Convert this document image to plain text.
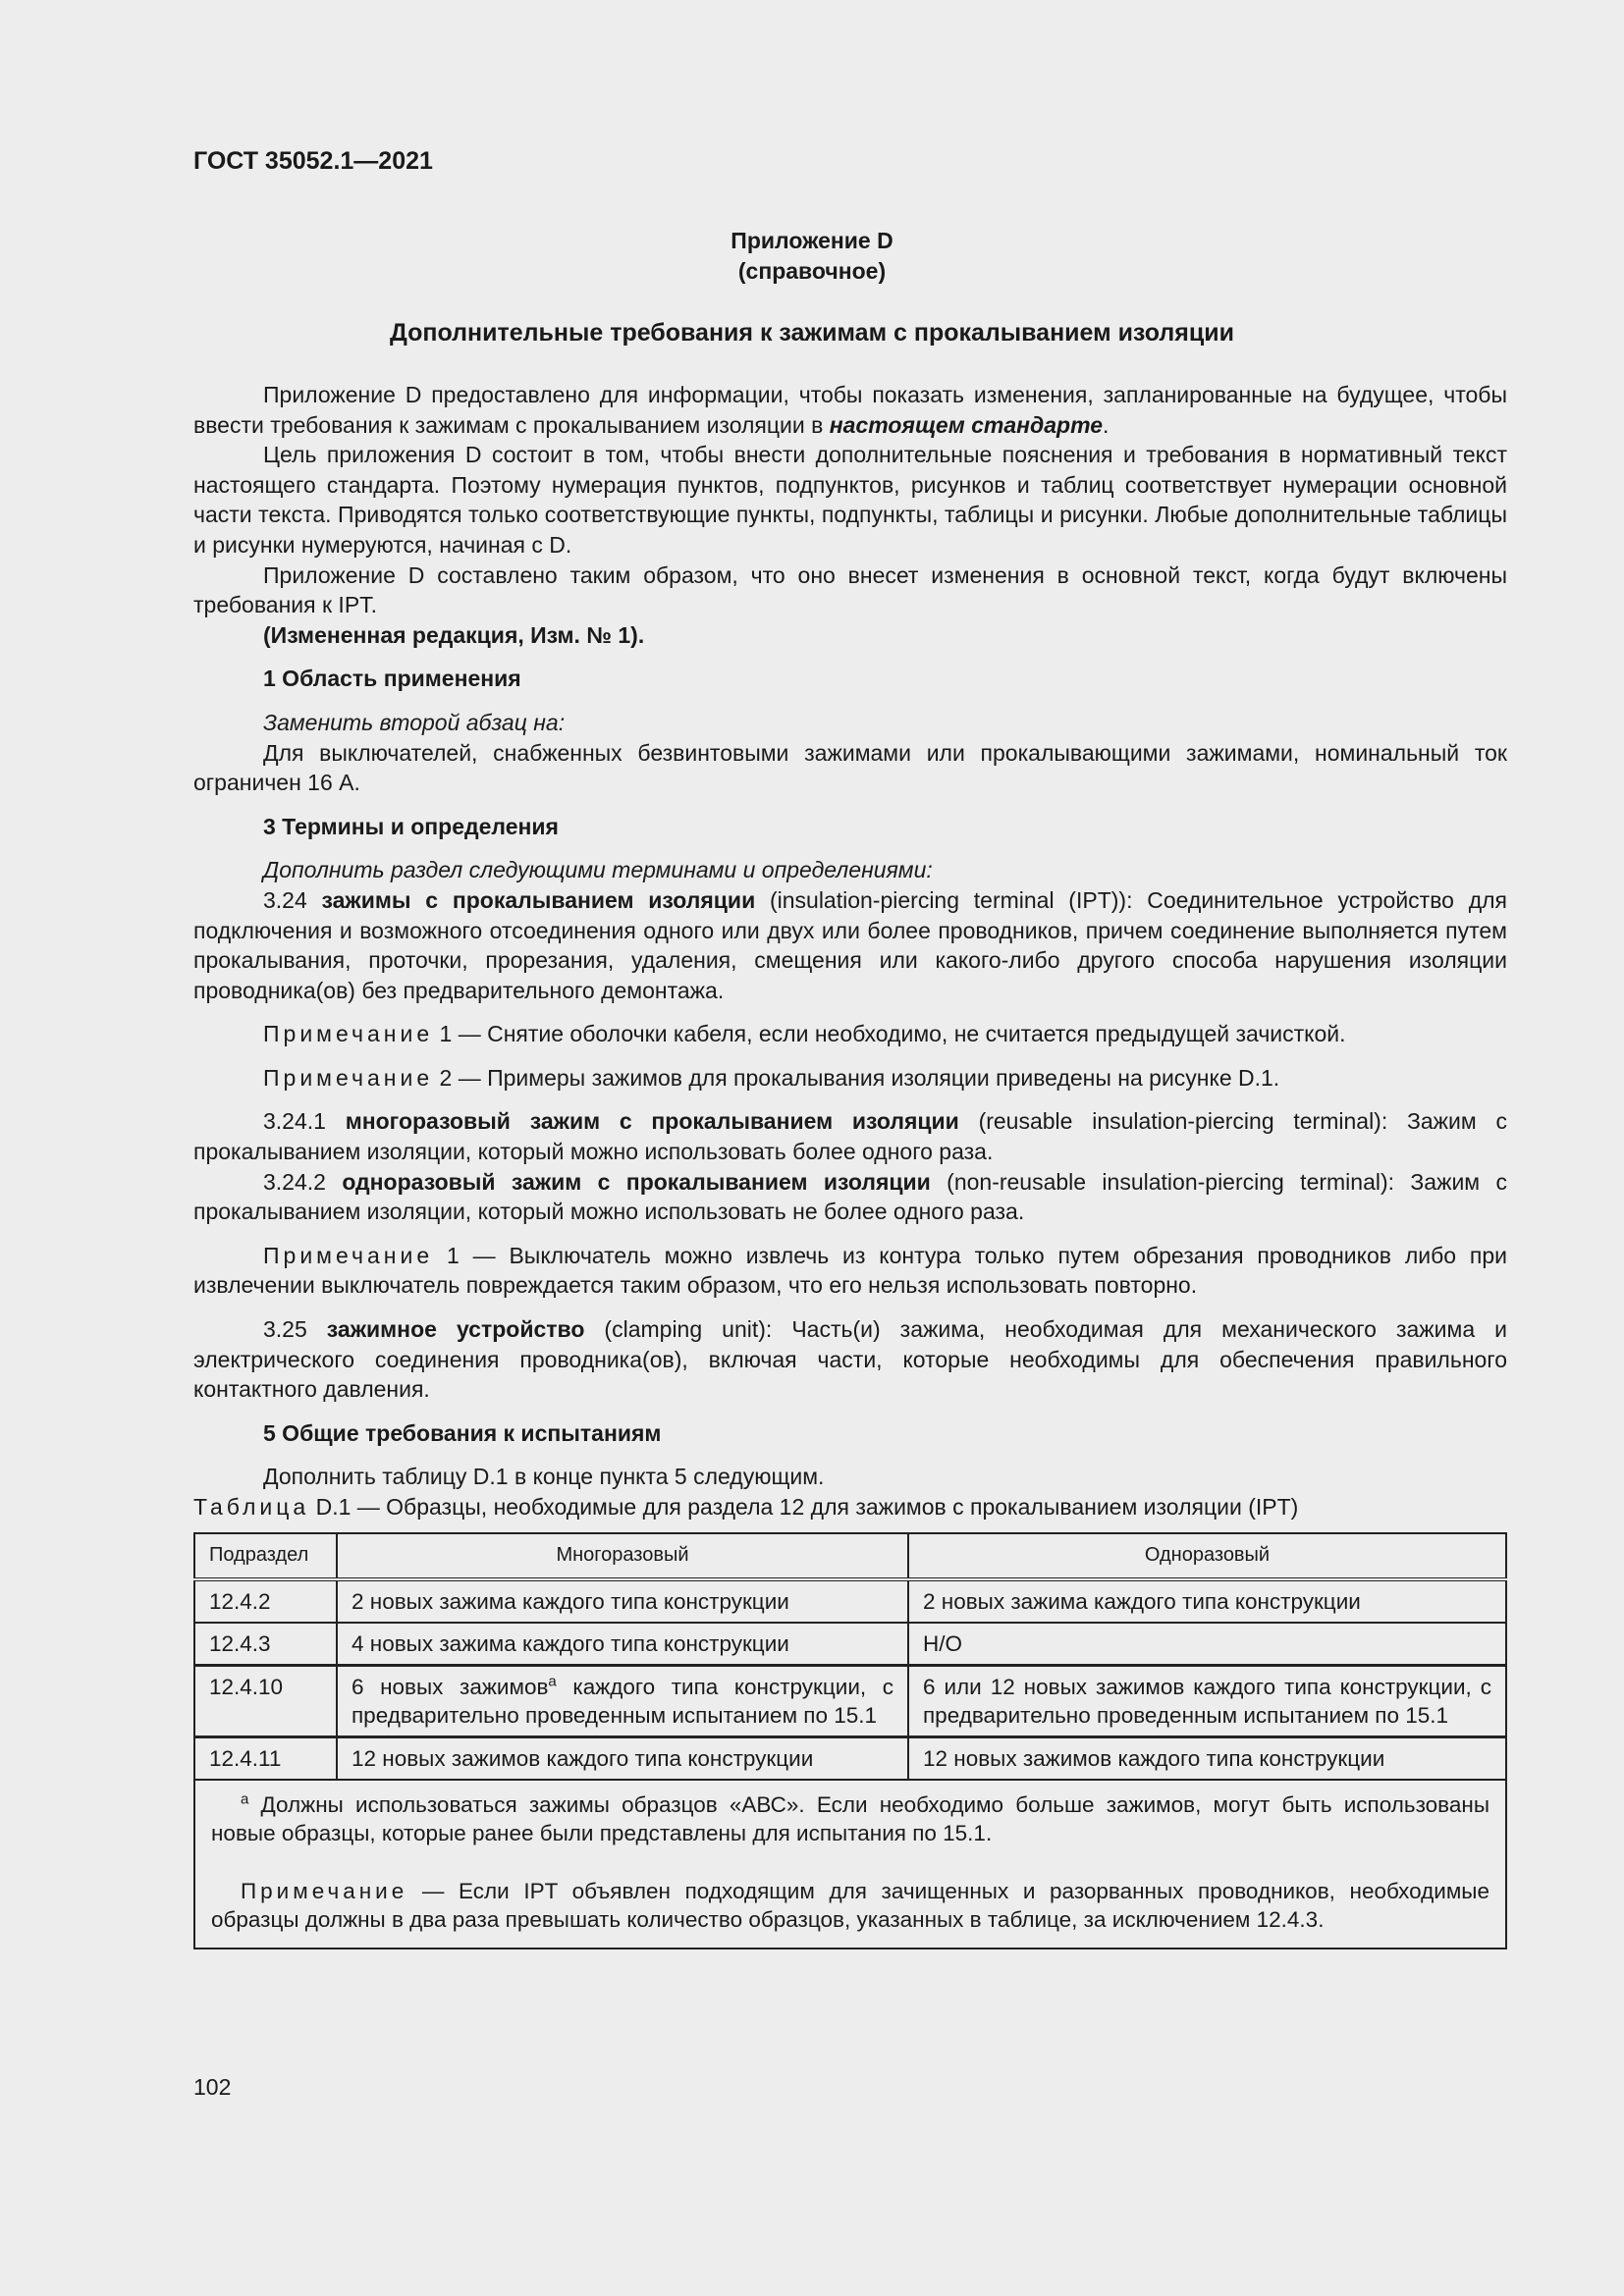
ГОСТ 35052.1—2021
Приложение D
(справочное)
Дополнительные требования к зажимам с прокалыванием изоляции

Приложение D предоставлено для информации, чтобы показать изменения, запланированные на будущее, чтобы ввести требования к зажимам с прокалыванием изоляции в настоящем стандарте.

Цель приложения D состоит в том, чтобы внести дополнительные пояснения и требования в нормативный текст настоящего стандарта. Поэтому нумерация пунктов, подпунктов, рисунков и таблиц соответствует нумерации основной части текста. Приводятся только соответствующие пункты, подпункты, таблицы и рисунки. Любые дополнительные таблицы и рисунки нумеруются, начиная с D.

Приложение D составлено таким образом, что оно внесет изменения в основной текст, когда будут включены требования к IPT.

(Измененная редакция, Изм. № 1).

1 Область применения

Заменить второй абзац на:

Для выключателей, снабженных безвинтовыми зажимами или прокалывающими зажимами, номинальный ток ограничен 16 А.

3 Термины и определения

Дополнить раздел следующими терминами и определениями:

3.24 зажимы с прокалыванием изоляции (insulation-piercing terminal (IPT)): Соединительное устройство для подключения и возможного отсоединения одного или двух или более проводников, причем соединение выполняется путем прокалывания, проточки, прорезания, удаления, смещения или какого-либо другого способа нарушения изоляции проводника(ов) без предварительного демонтажа.

Примечание 1 — Снятие оболочки кабеля, если необходимо, не считается предыдущей зачисткой.

Примечание 2 — Примеры зажимов для прокалывания изоляции приведены на рисунке D.1.

3.24.1 многоразовый зажим с прокалыванием изоляции (reusable insulation-piercing terminal): Зажим с прокалыванием изоляции, который можно использовать более одного раза.

3.24.2 одноразовый зажим с прокалыванием изоляции (non-reusable insulation-piercing terminal): Зажим с прокалыванием изоляции, который можно использовать не более одного раза.

Примечание 1 — Выключатель можно извлечь из контура только путем обрезания проводников либо при извлечении выключатель повреждается таким образом, что его нельзя использовать повторно.

3.25 зажимное устройство (clamping unit): Часть(и) зажима, необходимая для механического зажима и электрического соединения проводника(ов), включая части, которые необходимы для обеспечения правильного контактного давления.

5 Общие требования к испытаниям

Дополнить таблицу D.1 в конце пункта 5 следующим.

Таблица D.1 — Образцы, необходимые для раздела 12 для зажимов с прокалыванием изоляции (IPT)

Подраздел	Многоразовый	Одноразовый
12.4.2	2 новых зажима каждого типа конструкции	2 новых зажима каждого типа конструкции
12.4.3	4 новых зажима каждого типа конструкции	Н/О
12.4.10	6 новых зажимов$^a$ каждого типа конструкции, с предварительно проведенным испытанием по 15.1	6 или 12 новых зажимов каждого типа конструкции, с предварительно проведенным испытанием по 15.1
12.4.11	12 новых зажимов каждого типа конструкции	12 новых зажимов каждого типа конструкции

$^a$ Должны использоваться зажимы образцов «АВС». Если необходимо больше зажимов, могут быть использованы новые образцы, которые ранее были представлены для испытания по 15.1.

Примечание — Если IPT объявлен подходящим для зачищенных и разорванных проводников, необходимые образцы должны в два раза превышать количество образцов, указанных в таблице, за исключением 12.4.3.		

102
